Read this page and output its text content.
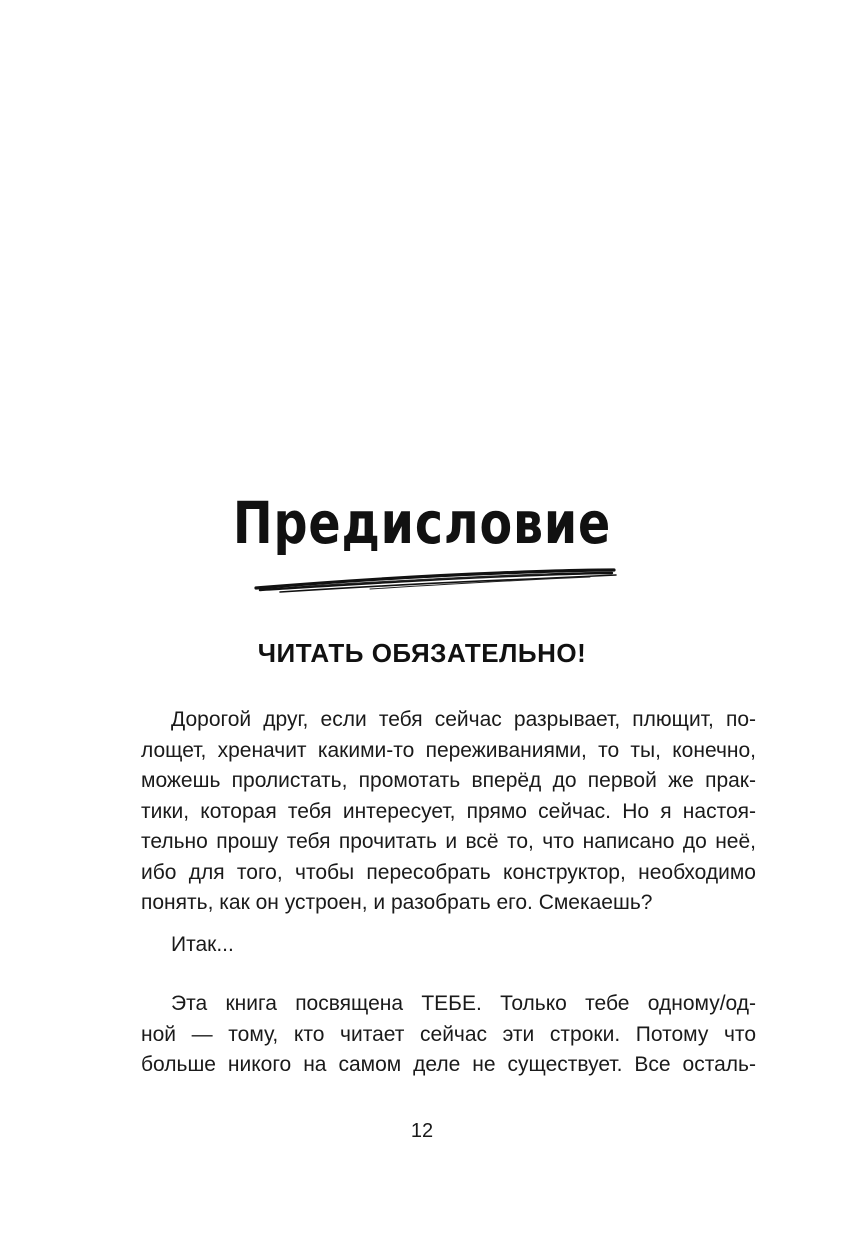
Предисловие
ЧИТАТЬ ОБЯЗАТЕЛЬНО!
Дорогой друг, если тебя сейчас разрывает, плющит, по-
лощет, хреначит какими-то переживаниями, то ты, конечно,
можешь пролистать, промотать вперёд до первой же прак-
тики, которая тебя интересует, прямо сейчас. Но я настоя-
тельно прошу тебя прочитать и всё то, что написано до неё,
ибо для того, чтобы пересобрать конструктор, необходимо
понять, как он устроен, и разобрать его. Смекаешь?
Итак...
Эта книга посвящена ТЕБЕ. Только тебе одному/од-
ной — тому, кто читает сейчас эти строки. Потому что
больше никого на самом деле не существует. Все осталь-
12
